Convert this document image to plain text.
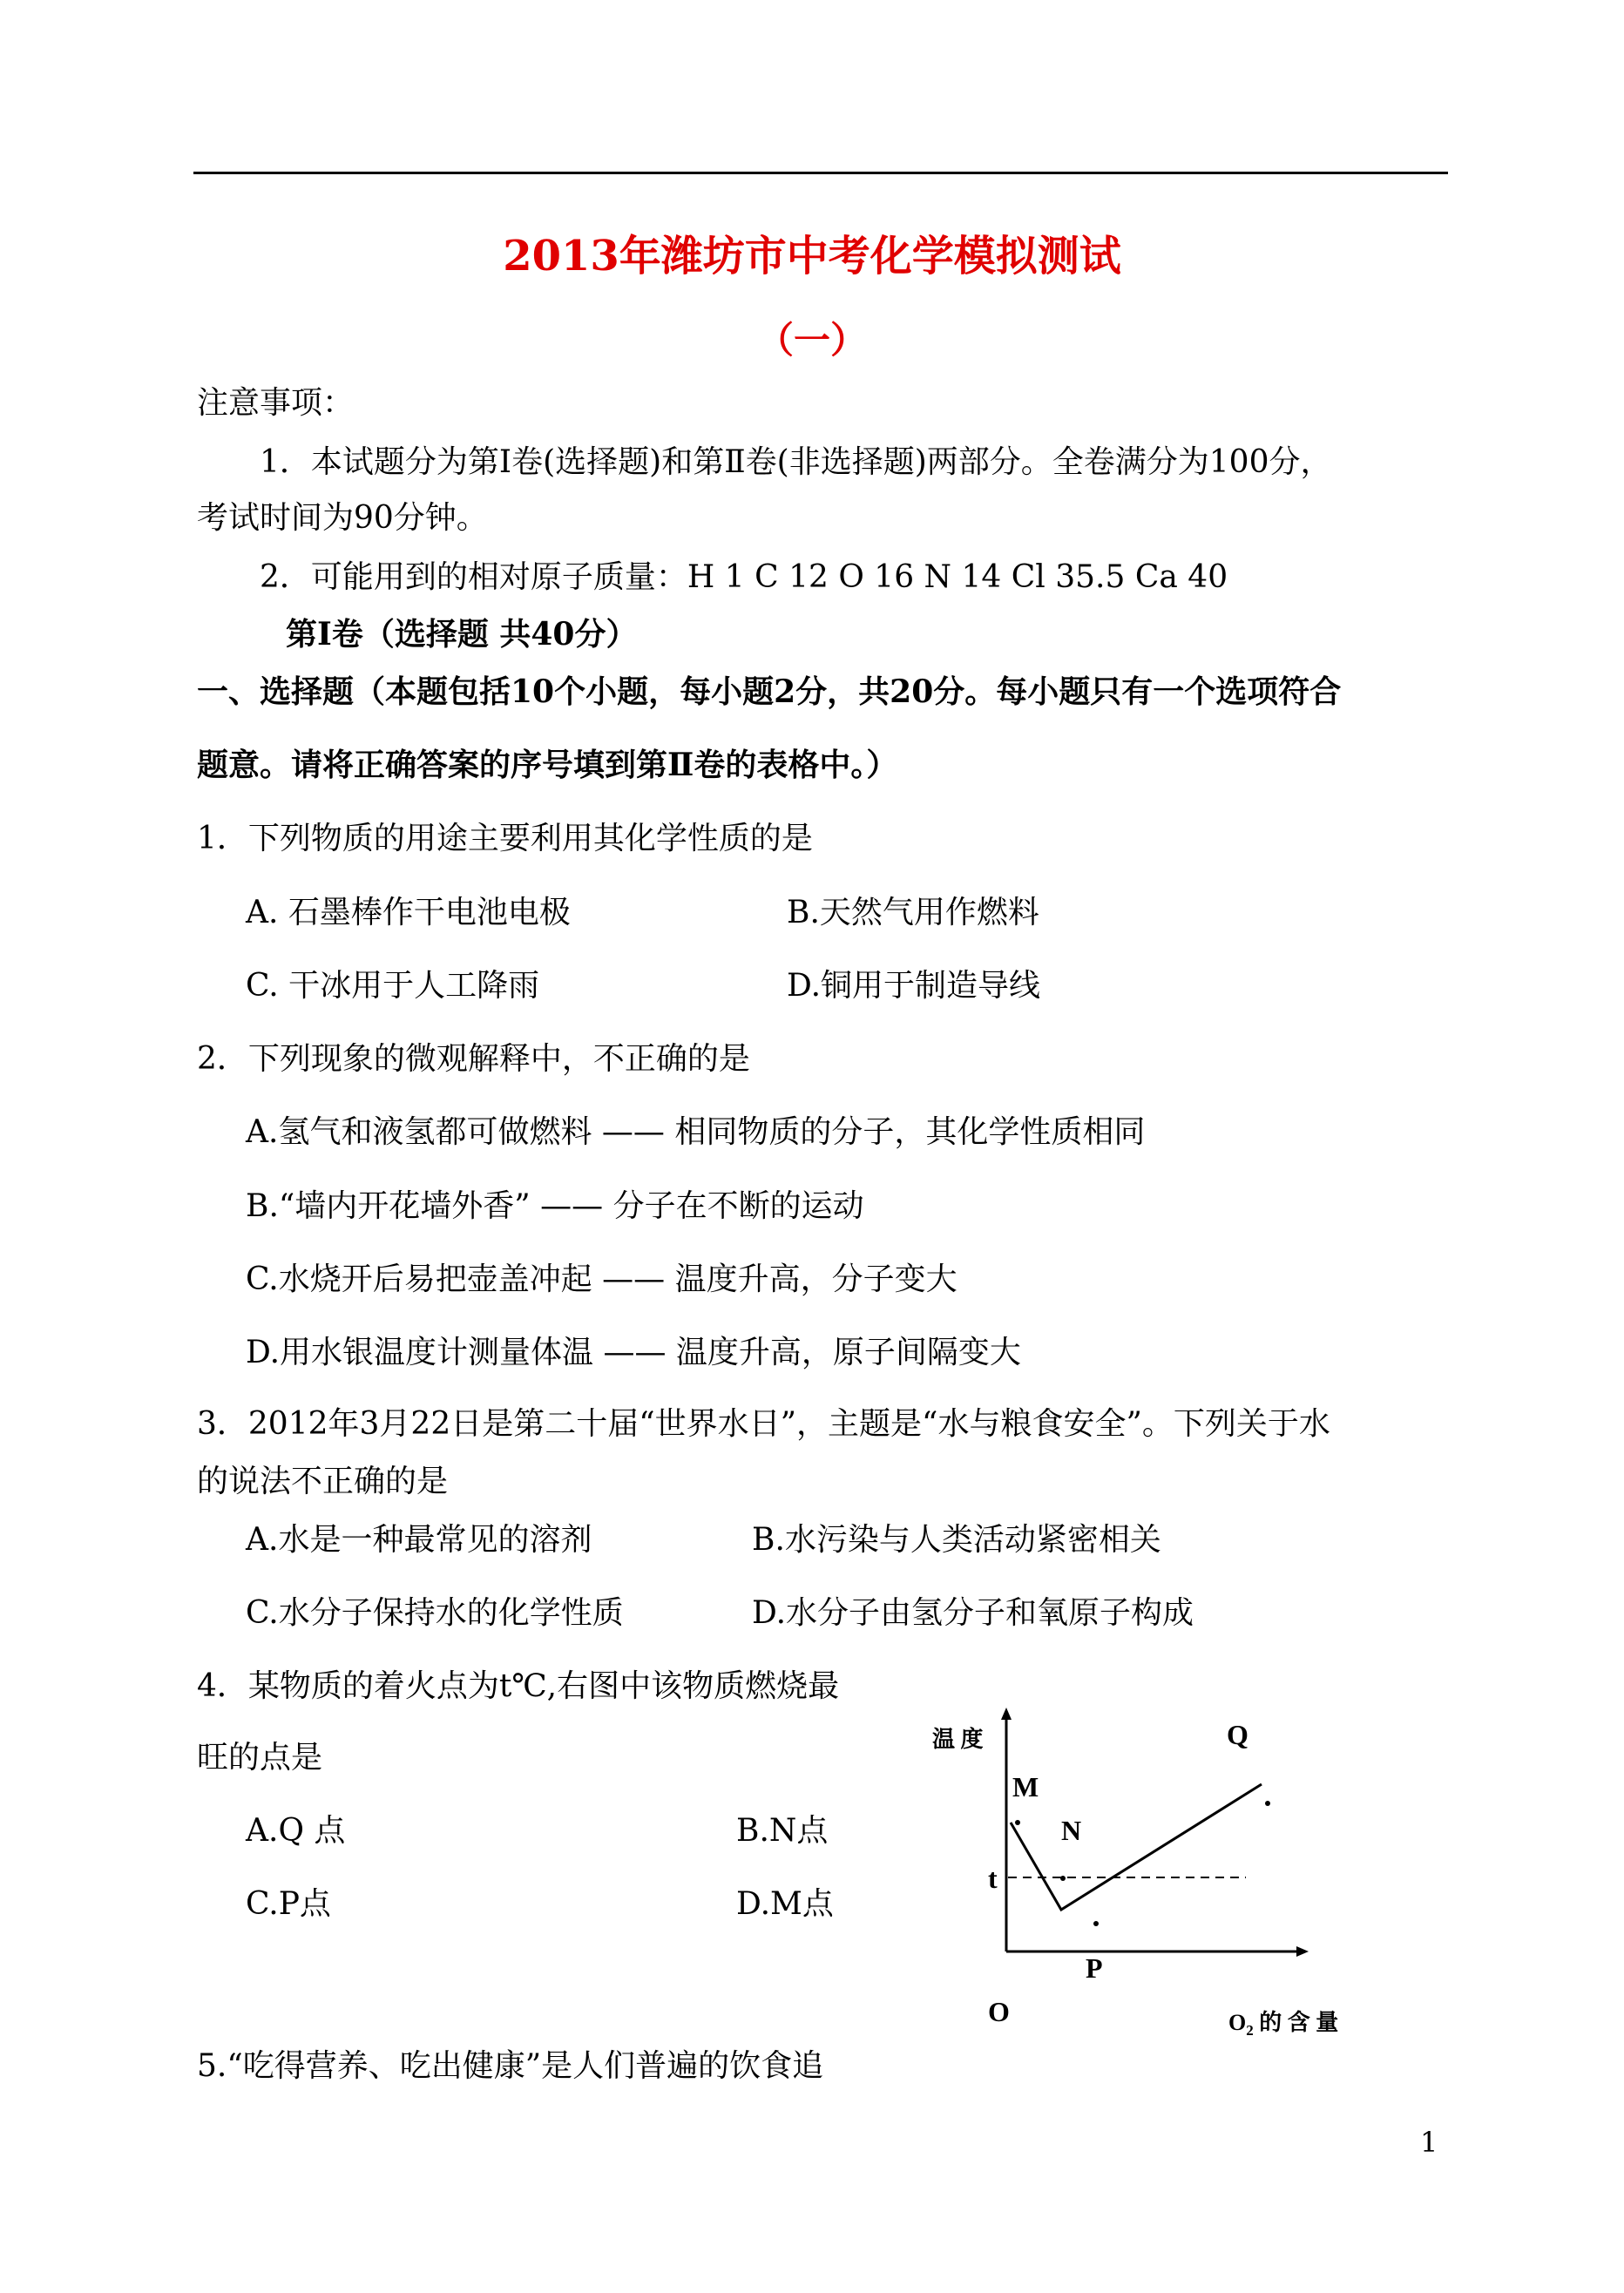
2013年潍坊市中考化学模拟测试
（一）
注意事项：
1．本试题分为第Ⅰ卷(选择题)和第Ⅱ卷(非选择题)两部分。全卷满分为100分，
考试时间为90分钟。
2．可能用到的相对原子质量：H 1 C 12 O 16 N 14 Cl 35.5 Ca 40
第Ⅰ卷（选择题 共40分）
一、选择题（本题包括10个小题，每小题2分，共20分。每小题只有一个选项符合
题意。请将正确答案的序号填到第Ⅱ卷的表格中。）
1．下列物质的用途主要利用其化学性质的是
A. 石墨棒作干电池电极	B.天然气用作燃料
C. 干冰用于人工降雨	D.铜用于制造导线
2．下列现象的微观解释中，不正确的是
A.氢气和液氢都可做燃料 —— 相同物质的分子，其化学性质相同
B.“墙内开花墙外香” —— 分子在不断的运动
C.水烧开后易把壶盖冲起 —— 温度升高，分子变大
D.用水银温度计测量体温 —— 温度升高，原子间隔变大
3．2012年3月22日是第二十届“世界水日”，主题是“水与粮食安全”。下列关于水
的说法不正确的是
A.水是一种最常见的溶剂	B.水污染与人类活动紧密相关
C.水分子保持水的化学性质	D.水分子由氢分子和氧原子构成
4．某物质的着火点为t℃,右图中该物质燃烧最
旺的点是
A.Q 点	B.N点
C.P点	D.M点
温 度
M
N
P
Q
t
O	$O_2$ 的 含 量
5.“吃得营养、吃出健康”是人们普遍的饮食追
1
